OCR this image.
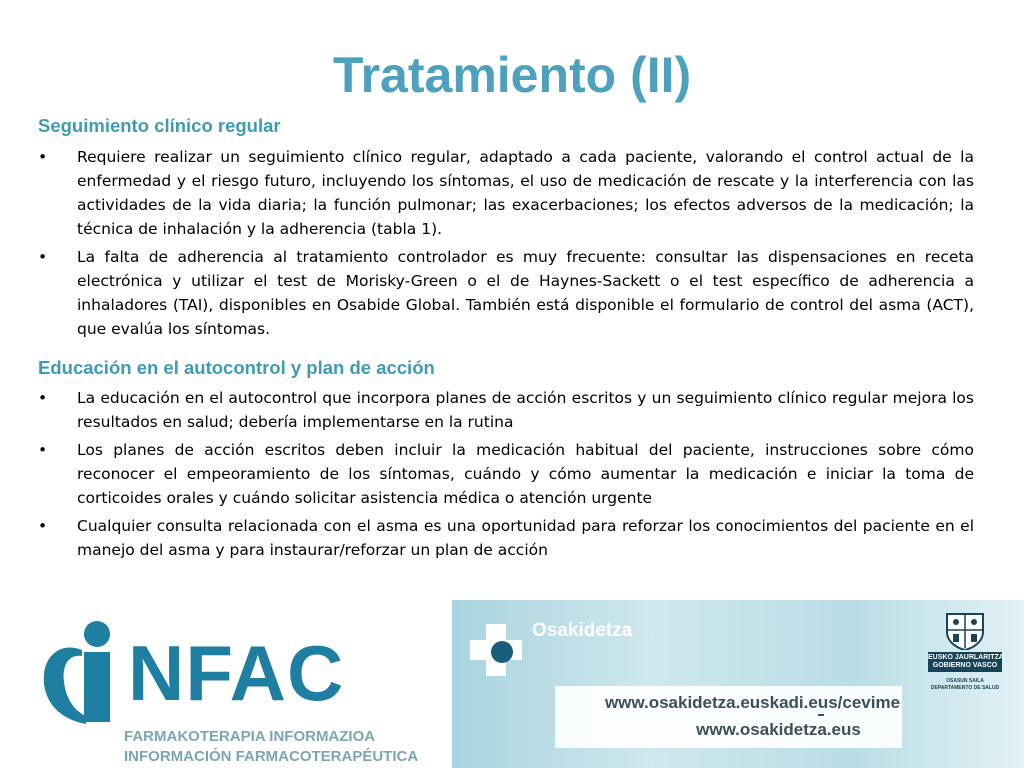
Tratamiento (II)
Seguimiento clínico regular
• Requiere realizar un seguimiento clínico regular, adaptado a cada paciente, valorando el control actual de la enfermedad y el riesgo futuro, incluyendo los síntomas, el uso de medicación de rescate y la interferencia con las actividades de la vida diaria; la función pulmonar; las exacerbaciones; los efectos adversos de la medicación; la técnica de inhalación y la adherencia (tabla 1).
• La falta de adherencia al tratamiento controlador es muy frecuente: consultar las dispensaciones en receta electrónica y utilizar el test de Morisky-Green o el de Haynes-Sackett o el test específico de adherencia a inhaladores (TAI), disponibles en Osabide Global. También está disponible el formulario de control del asma (ACT), que evalúa los síntomas.
Educación en el autocontrol y plan de acción
• La educación en el autocontrol que incorpora planes de acción escritos y un seguimiento clínico regular mejora los resultados en salud; debería implementarse en la rutina
• Los planes de acción escritos deben incluir la medicación habitual del paciente, instrucciones sobre cómo reconocer el empeoramiento de los síntomas, cuándo y cómo aumentar la medicación e iniciar la toma de corticoides orales y cuándo solicitar asistencia médica o atención urgente
• Cualquier consulta relacionada con el asma es una oportunidad para reforzar los conocimientos del paciente en el manejo del asma y para instaurar/reforzar un plan de acción
NFAC
FARMAKOTERAPIA INFORMAZIOA
INFORMACIÓN FARMACOTERAPÉUTICA
Osakidetza
www.osakidetza.euskadi.eus/cevime
www.osakidetza.eus
EUSKO JAURLARITZA
GOBIERNO VASCO
OSASUN SAILA
DEPARTAMENTO DE SALUD
